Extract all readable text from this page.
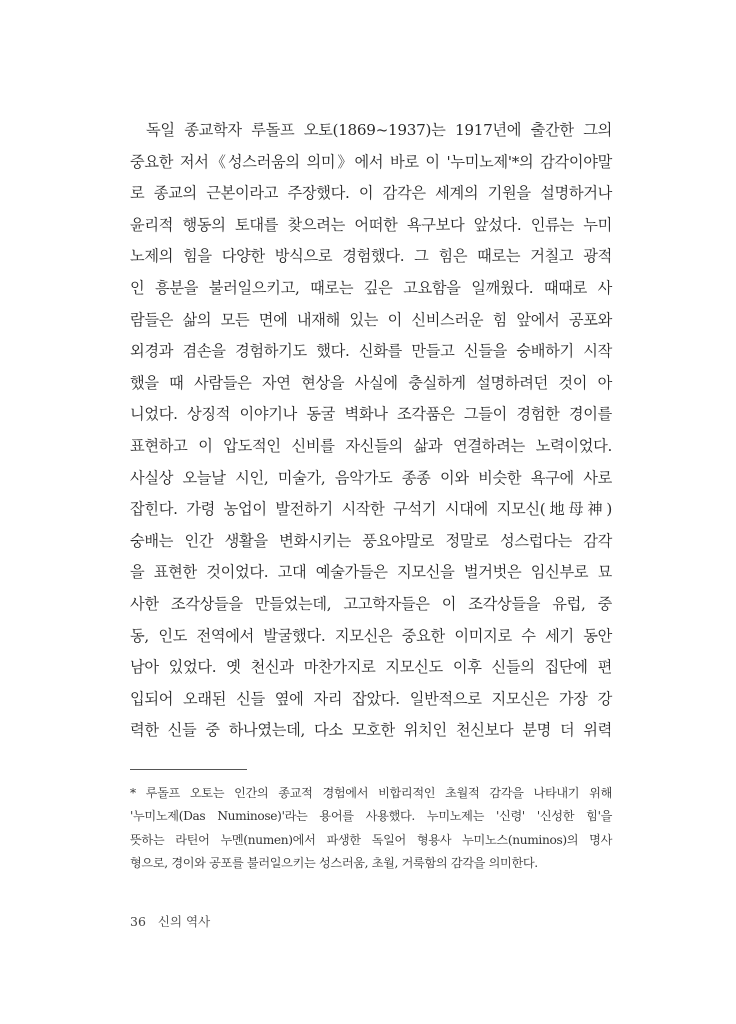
독일 종교학자 루돌프 오토(1869~1937)는 1917년에 출간한 그의
중요한 저서《성스러움의 의미》에서 바로 이 '누미노제'*의 감각이야말
로 종교의 근본이라고 주장했다. 이 감각은 세계의 기원을 설명하거나
윤리적 행동의 토대를 찾으려는 어떠한 욕구보다 앞섰다. 인류는 누미
노제의 힘을 다양한 방식으로 경험했다. 그 힘은 때로는 거칠고 광적
인 흥분을 불러일으키고, 때로는 깊은 고요함을 일깨웠다. 때때로 사
람들은 삶의 모든 면에 내재해 있는 이 신비스러운 힘 앞에서 공포와
외경과 겸손을 경험하기도 했다. 신화를 만들고 신들을 숭배하기 시작
했을 때 사람들은 자연 현상을 사실에 충실하게 설명하려던 것이 아
니었다. 상징적 이야기나 동굴 벽화나 조각품은 그들이 경험한 경이를
표현하고 이 압도적인 신비를 자신들의 삶과 연결하려는 노력이었다.
사실상 오늘날 시인, 미술가, 음악가도 종종 이와 비슷한 욕구에 사로
잡힌다. 가령 농업이 발전하기 시작한 구석기 시대에 지모신(地母神)
숭배는 인간 생활을 변화시키는 풍요야말로 정말로 성스럽다는 감각
을 표현한 것이었다. 고대 예술가들은 지모신을 벌거벗은 임신부로 묘
사한 조각상들을 만들었는데, 고고학자들은 이 조각상들을 유럽, 중
동, 인도 전역에서 발굴했다. 지모신은 중요한 이미지로 수 세기 동안
남아 있었다. 옛 천신과 마찬가지로 지모신도 이후 신들의 집단에 편
입되어 오래된 신들 옆에 자리 잡았다. 일반적으로 지모신은 가장 강
력한 신들 중 하나였는데, 다소 모호한 위치인 천신보다 분명 더 위력
* 루돌프 오토는 인간의 종교적 경험에서 비합리적인 초월적 감각을 나타내기 위해
'누미노제(Das Numinose)'라는 용어를 사용했다. 누미노제는 '신령' '신성한 힘'을
뜻하는 라틴어 누멘(numen)에서 파생한 독일어 형용사 누미노스(numinos)의 명사
형으로, 경이와 공포를 불러일으키는 성스러움, 초월, 거룩함의 감각을 의미한다.
36 신의 역사
